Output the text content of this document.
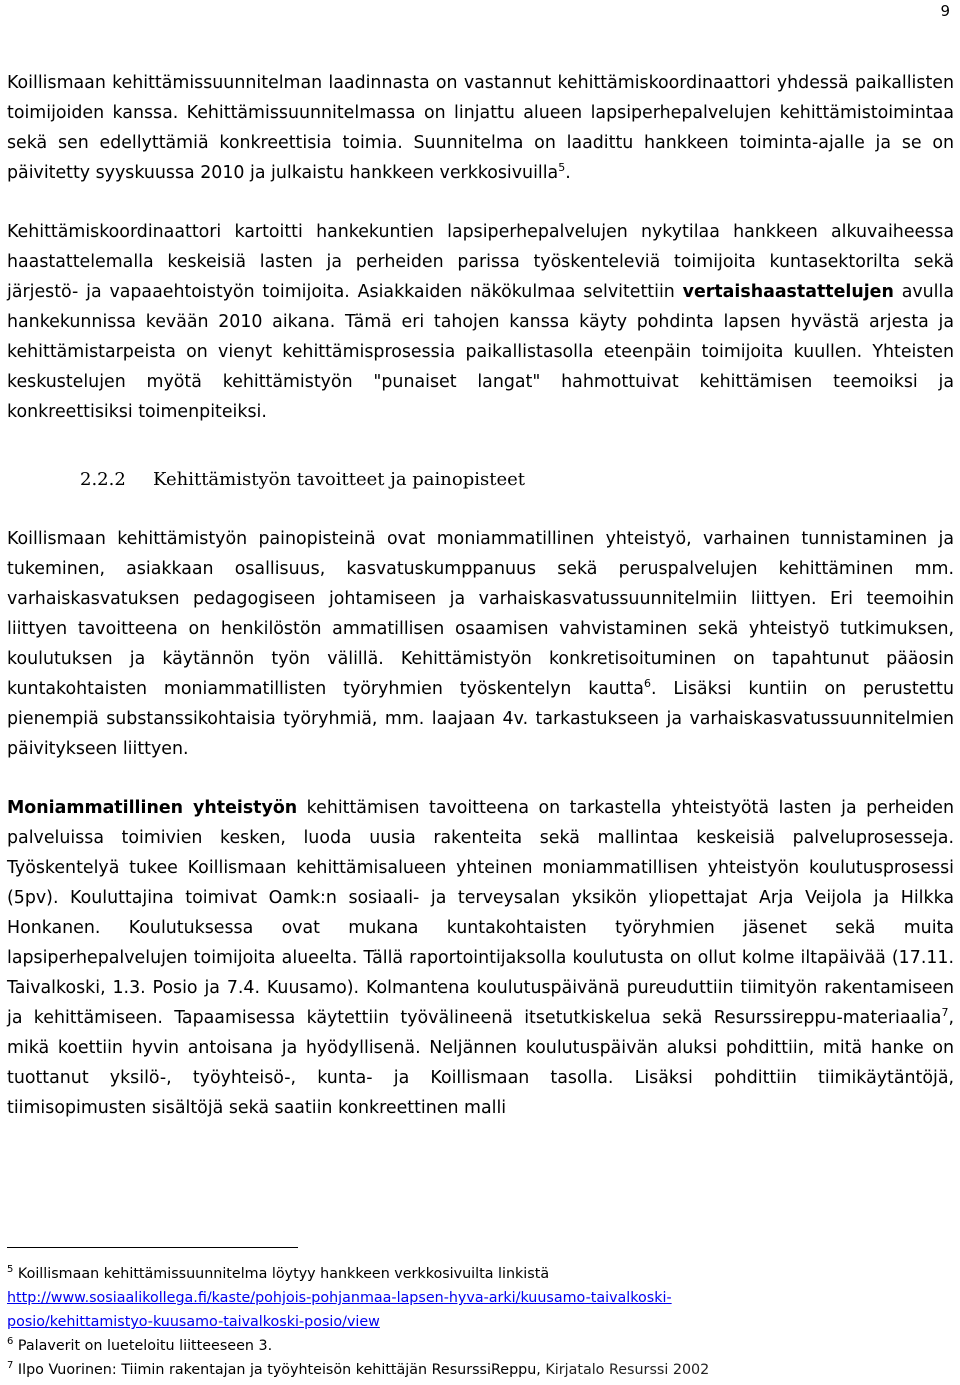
9

Koillismaan kehittämissuunnitelman laadinnasta on vastannut kehittämiskoordinaattori yhdessä paikallisten toimijoiden kanssa. Kehittämissuunnitelmassa on linjattu alueen lapsiperhepalvelujen kehittämistoimintaa sekä sen edellyttämiä konkreettisia toimia. Suunnitelma on laadittu hankkeen toiminta-ajalle ja se on päivitetty syyskuussa 2010 ja julkaistu hankkeen verkkosivuilla$^5$.

Kehittämiskoordinaattori kartoitti hankekuntien lapsiperhepalvelujen nykytilaa hankkeen alkuvaiheessa haastattelemalla keskeisiä lasten ja perheiden parissa työskenteleviä toimijoita kuntasektorilta sekä järjestö- ja vapaaehtoistyön toimijoita. Asiakkaiden näkökulmaa selvitettiin vertaishaastattelujen avulla hankekunnissa kevään 2010 aikana. Tämä eri tahojen kanssa käyty pohdinta lapsen hyvästä arjesta ja kehittämistarpeista on vienyt kehittämisprosessia paikallistasolla eteenpäin toimijoita kuullen. Yhteisten keskustelujen myötä kehittämistyön "punaiset langat" hahmottuivat kehittämisen teemoiksi ja konkreettisiksi toimenpiteiksi.

2.2.2 Kehittämistyön tavoitteet ja painopisteet

Koillismaan kehittämistyön painopisteinä ovat moniammatillinen yhteistyö, varhainen tunnistaminen ja tukeminen, asiakkaan osallisuus, kasvatuskumppanuus sekä peruspalvelujen kehittäminen mm. varhaiskasvatuksen pedagogiseen johtamiseen ja varhaiskasvatussuunnitelmiin liittyen. Eri teemoihin liittyen tavoitteena on henkilöstön ammatillisen osaamisen vahvistaminen sekä yhteistyö tutkimuksen, koulutuksen ja käytännön työn välillä. Kehittämistyön konkretisoituminen on tapahtunut pääosin kuntakohtaisten moniammatillisten työryhmien työskentelyn kautta$^6$. Lisäksi kuntiin on perustettu pienempiä substanssikohtaisia työryhmiä, mm. laajaan 4v. tarkastukseen ja varhaiskasvatussuunnitelmien päivitykseen liittyen.

Moniammatillinen yhteistyön kehittämisen tavoitteena on tarkastella yhteistyötä lasten ja perheiden palveluissa toimivien kesken, luoda uusia rakenteita sekä mallintaa keskeisiä palveluprosesseja. Työskentelyä tukee Koillismaan kehittämisalueen yhteinen moniammatillisen yhteistyön koulutusprosessi (5pv). Kouluttajina toimivat Oamk:n sosiaali- ja terveysalan yksikön yliopettajat Arja Veijola ja Hilkka Honkanen. Koulutuksessa ovat mukana kuntakohtaisten työryhmien jäsenet sekä muita lapsiperhepalvelujen toimijoita alueelta. Tällä raportointijaksolla koulutusta on ollut kolme iltapäivää (17.11. Taivalkoski, 1.3. Posio ja 7.4. Kuusamo). Kolmantena koulutuspäivänä pureuduttiin tiimityön rakentamiseen ja kehittämiseen. Tapaamisessa käytettiin työvälineenä itsetutkiskelua sekä Resurssireppu-materiaalia$^7$, mikä koettiin hyvin antoisana ja hyödyllisenä. Neljännen koulutuspäivän aluksi pohdittiin, mitä hanke on tuottanut yksilö-, työyhteisö-, kunta- ja Koillismaan tasolla. Lisäksi pohdittiin tiimikäytäntöjä, tiimisopimusten sisältöjä sekä saatiin konkreettinen malli

$^5$ Koillismaan kehittämissuunnitelma löytyy hankkeen verkkosivuilta linkistä

http://www.sosiaalikollega.fi/kaste/pohjois-pohjanmaa-lapsen-hyva-arki/kuusamo-taivalkoski-
posio/kehittamistyo-kuusamo-taivalkoski-posio/view

$^6$ Palaverit on lueteloitu liitteeseen 3.

$^7$ Ilpo Vuorinen: Tiimin rakentajan ja työyhteisön kehittäjän ResurssiReppu, Kirjatalo Resurssi 2002
